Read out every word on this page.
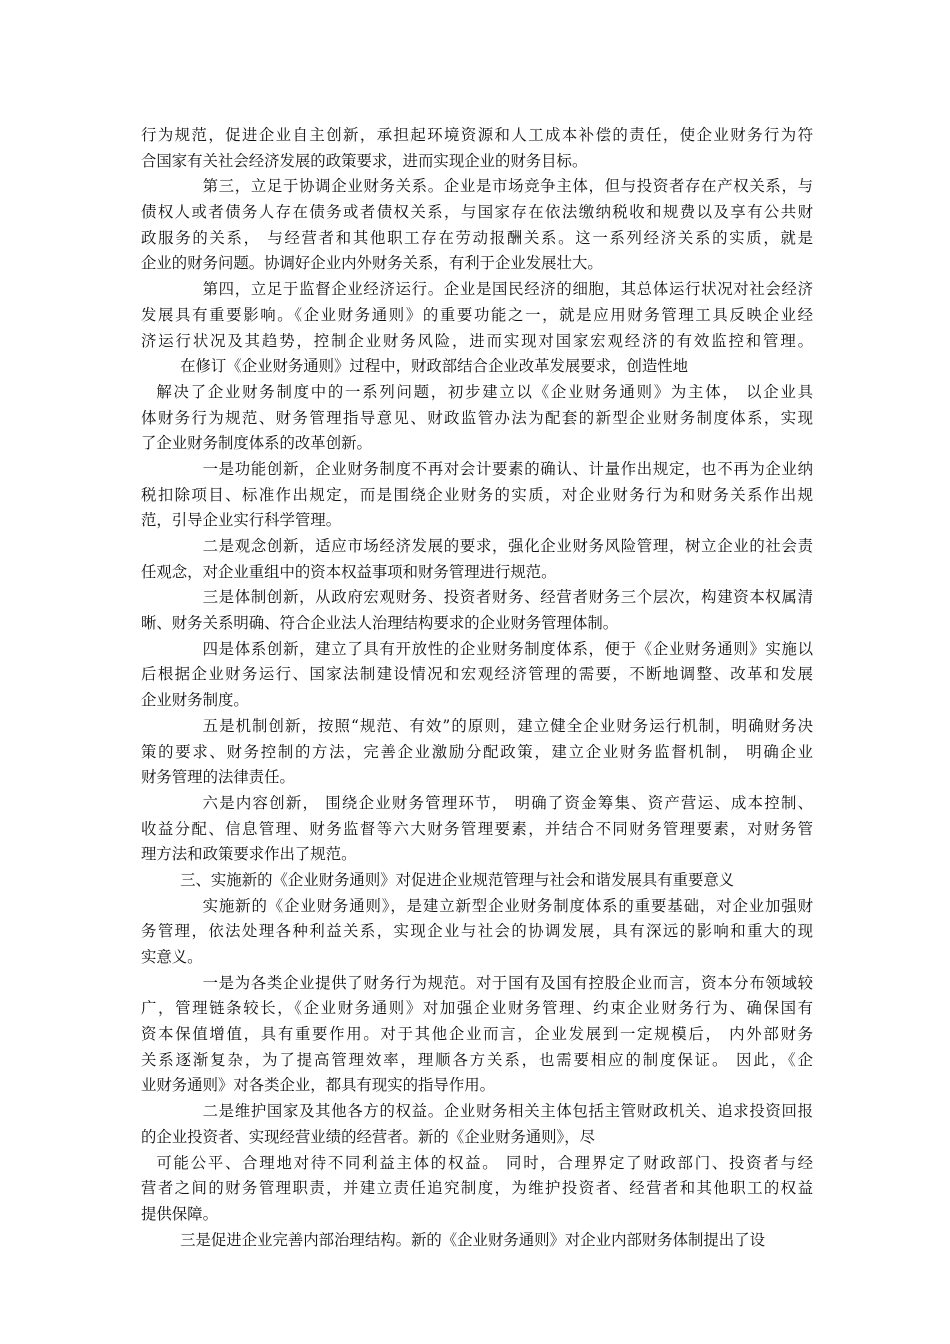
行为规范，促进企业自主创新，承担起环境资源和人工成本补偿的责任，使企业财务行为符
合国家有关社会经济发展的政策要求，进而实现企业的财务目标。
第三，立足于协调企业财务关系。企业是市场竞争主体，但与投资者存在产权关系，与
债权人或者债务人存在债务或者债权关系，与国家存在依法缴纳税收和规费以及享有公共财
政服务的关系， 与经营者和其他职工存在劳动报酬关系。这一系列经济关系的实质，就是
企业的财务问题。协调好企业内外财务关系，有利于企业发展壮大。
第四，立足于监督企业经济运行。企业是国民经济的细胞，其总体运行状况对社会经济
发展具有重要影响。《企业财务通则》的重要功能之一，就是应用财务管理工具反映企业经
济运行状况及其趋势，控制企业财务风险，进而实现对国家宏观经济的有效监控和管理。
在修订《企业财务通则》过程中，财政部结合企业改革发展要求，创造性地
解决了企业财务制度中的一系列问题，初步建立以《企业财务通则》为主体， 以企业具
体财务行为规范、财务管理指导意见、财政监管办法为配套的新型企业财务制度体系，实现
了企业财务制度体系的改革创新。
一是功能创新，企业财务制度不再对会计要素的确认、计量作出规定，也不再为企业纳
税扣除项目、标准作出规定，而是围绕企业财务的实质，对企业财务行为和财务关系作出规
范，引导企业实行科学管理。
二是观念创新，适应市场经济发展的要求，强化企业财务风险管理，树立企业的社会责
任观念，对企业重组中的资本权益事项和财务管理进行规范。
三是体制创新，从政府宏观财务、投资者财务、经营者财务三个层次，构建资本权属清
晰、财务关系明确、符合企业法人治理结构要求的企业财务管理体制。
四是体系创新，建立了具有开放性的企业财务制度体系，便于《企业财务通则》实施以
后根据企业财务运行、国家法制建设情况和宏观经济管理的需要，不断地调整、改革和发展
企业财务制度。
五是机制创新，按照“规范、有效”的原则，建立健全企业财务运行机制，明确财务决
策的要求、财务控制的方法，完善企业激励分配政策，建立企业财务监督机制， 明确企业
财务管理的法律责任。
六是内容创新， 围绕企业财务管理环节， 明确了资金筹集、资产营运、成本控制、
收益分配、信息管理、财务监督等六大财务管理要素，并结合不同财务管理要素，对财务管
理方法和政策要求作出了规范。
三、实施新的《企业财务通则》对促进企业规范管理与社会和谐发展具有重要意义
实施新的《企业财务通则》，是建立新型企业财务制度体系的重要基础，对企业加强财
务管理，依法处理各种利益关系，实现企业与社会的协调发展，具有深远的影响和重大的现
实意义。
一是为各类企业提供了财务行为规范。对于国有及国有控股企业而言，资本分布领域较
广，管理链条较长，《企业财务通则》对加强企业财务管理、约束企业财务行为、确保国有
资本保值增值，具有重要作用。对于其他企业而言，企业发展到一定规模后， 内外部财务
关系逐渐复杂，为了提高管理效率，理顺各方关系，也需要相应的制度保证。 因此，《企
业财务通则》对各类企业，都具有现实的指导作用。
二是维护国家及其他各方的权益。企业财务相关主体包括主管财政机关、追求投资回报
的企业投资者、实现经营业绩的经营者。新的《企业财务通则》，尽
可能公平、合理地对待不同利益主体的权益。 同时，合理界定了财政部门、投资者与经
营者之间的财务管理职责，并建立责任追究制度，为维护投资者、经营者和其他职工的权益
提供保障。
三是促进企业完善内部治理结构。新的《企业财务通则》对企业内部财务体制提出了设
